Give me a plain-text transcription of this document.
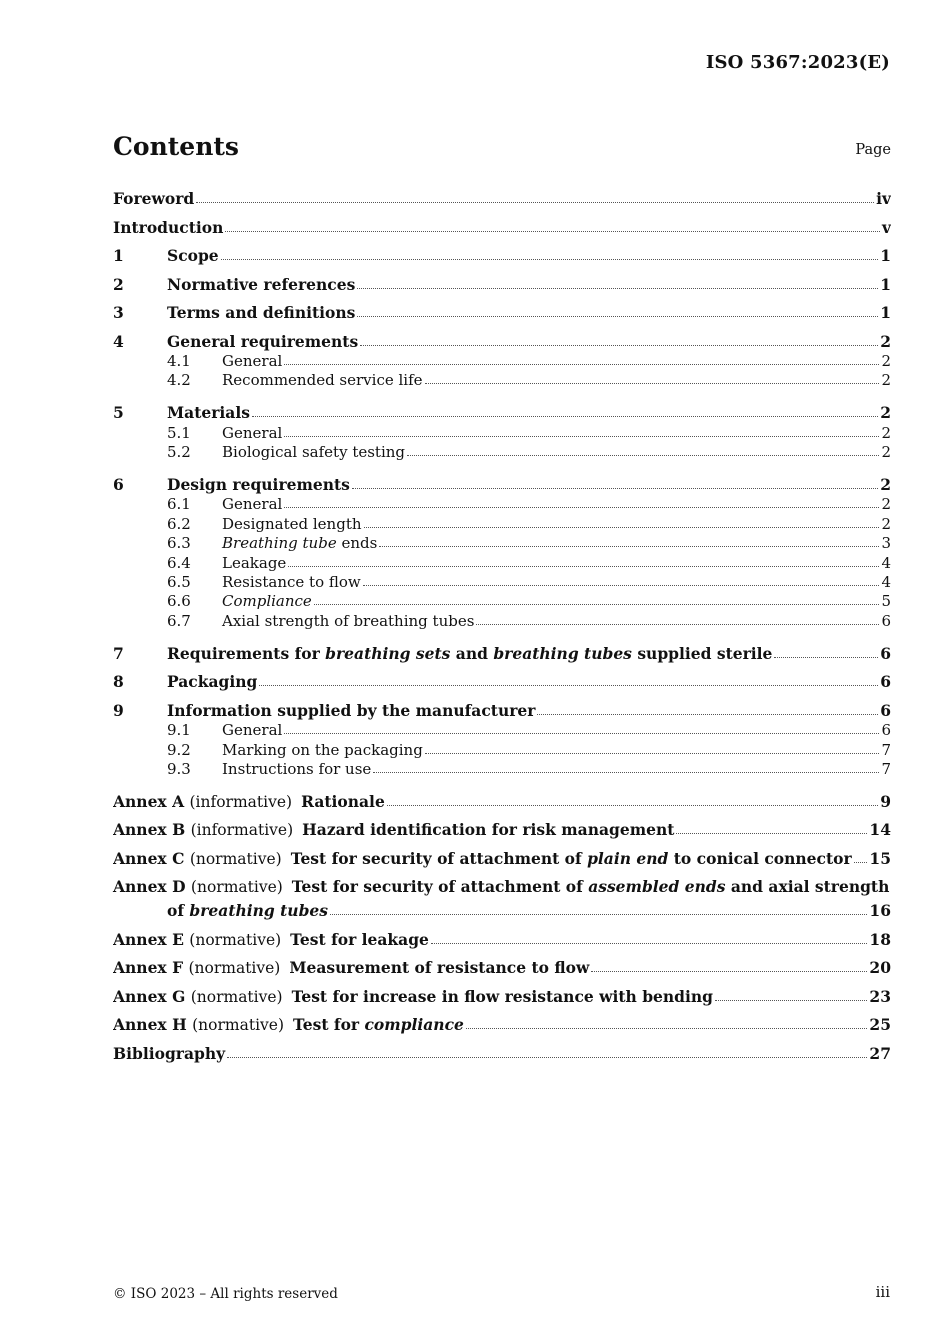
ISO 5367:2023(E)
Contents	Page
Foreword	iv
Introduction	v
1	Scope	1
2	Normative references	1
3	Terms and definitions	1
4	General requirements	2
4.1	General	2
4.2	Recommended service life	2
5	Materials	2
5.1	General	2
5.2	Biological safety testing	2
6	Design requirements	2
6.1	General	2
6.2	Designated length	2
6.3	Breathing tube ends	3
6.4	Leakage	4
6.5	Resistance to flow	4
6.6	Compliance	5
6.7	Axial strength of breathing tubes	6
7	Requirements for breathing sets and breathing tubes supplied sterile	6
8	Packaging	6
9	Information supplied by the manufacturer	6
9.1	General	6
9.2	Marking on the packaging	7
9.3	Instructions for use	7
Annex A (informative) Rationale	9
Annex B (informative) Hazard identification for risk management	14
Annex C (normative) Test for security of attachment of plain end to conical connector 15
Annex D
(normative) Test for security of attachment of assembled ends and axial strength
of breathing tubes	16
Annex E (normative) Test for leakage	18
Annex F (normative) Measurement of resistance to flow	20
Annex G (normative) Test for increase in flow resistance with bending	23
Annex H (normative) Test for compliance	25
Bibliography	27
© ISO 2023 – All rights reserved	iii
